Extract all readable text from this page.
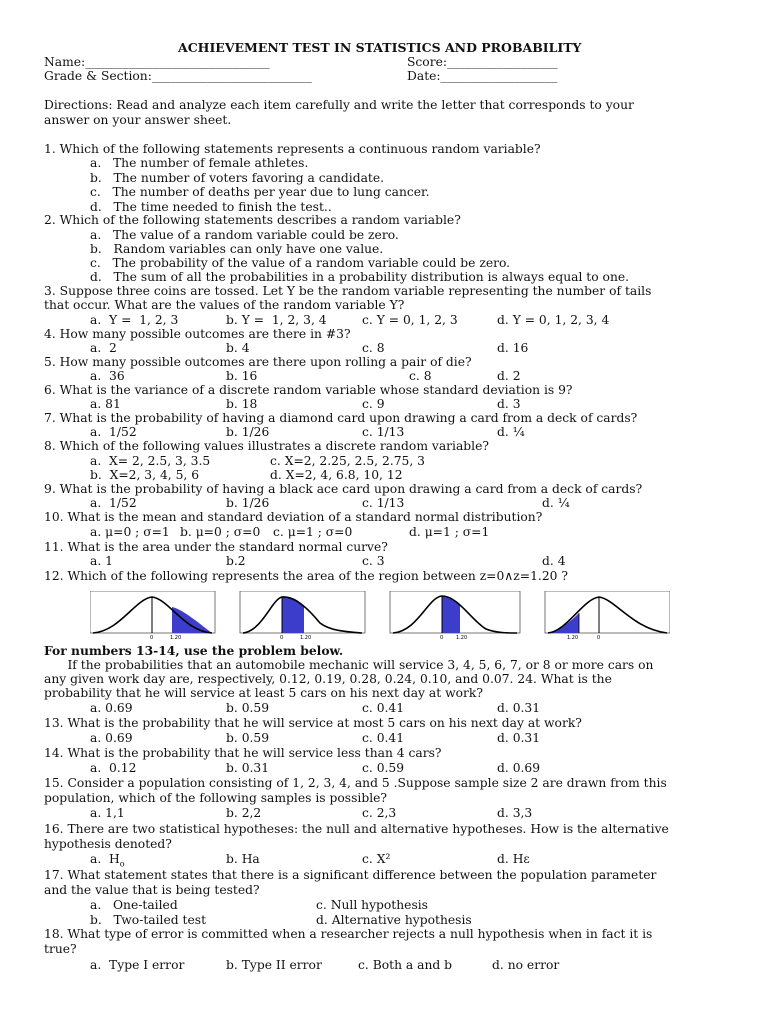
ACHIEVEMENT TEST IN STATISTICS AND PROBABILITY
Name:______________________________	Score:__________________
Grade & Section:__________________________	Date:___________________
Directions: Read and analyze each item carefully and write the letter that corresponds to your
answer on your answer sheet.
1. Which of the following statements represents a continuous random variable?
a.   The number of female athletes.
b.   The number of voters favoring a candidate.
c.   The number of deaths per year due to lung cancer.
d.   The time needed to finish the test..
2. Which of the following statements describes a random variable?
a.   The value of a random variable could be zero.
b.   Random variables can only have one value.
c.   The probability of the value of a random variable could be zero.
d.   The sum of all the probabilities in a probability distribution is always equal to one.
3. Suppose three coins are tossed. Let Y be the random variable representing the number of tails
that occur. What are the values of the random variable Y?
a.  Y =  1, 2, 3	b. Y =  1, 2, 3, 4	c. Y = 0, 1, 2, 3	d. Y = 0, 1, 2, 3, 4
4. How many possible outcomes are there in #3?
a.  2	b. 4	c. 8	d. 16
5. How many possible outcomes are there upon rolling a pair of die?
a.  36	b. 16	c. 8	d. 2
6. What is the variance of a discrete random variable whose standard deviation is 9?
a. 81	b. 18	c. 9	d. 3
7. What is the probability of having a diamond card upon drawing a card from a deck of cards?
a.  1/52	b. 1/26	c. 1/13	d. ¼
8. Which of the following values illustrates a discrete random variable?
a.  X= 2, 2.5, 3, 3.5	c. X=2, 2.25, 2.5, 2.75, 3
b.  X=2, 3, 4, 5, 6	d. X=2, 4, 6.8, 10, 12
9. What is the probability of having a black ace card upon drawing a card from a deck of cards?
a.  1/52	b. 1/26	c. 1/13	d. ¼
10. What is the mean and standard deviation of a standard normal distribution?
a. μ=0 ; σ=1 b. μ=0 ; σ=0 c. μ=1 ; σ=0	d. μ=1 ; σ=1
11. What is the area under the standard normal curve?
a. 1	b.2	c. 3	d. 4
12. Which of the following represents the area of the region between z=0∧z=1.20 ?
0	1.20	0	1.20	0	1.20	1.20	0
For numbers 13-14, use the problem below.
If the probabilities that an automobile mechanic will service 3, 4, 5, 6, 7, or 8 or more cars on
any given work day are, respectively, 0.12, 0.19, 0.28, 0.24, 0.10, and 0.07. 24. What is the
probability that he will service at least 5 cars on his next day at work?
a. 0.69	b. 0.59	c. 0.41	d. 0.31
13. What is the probability that he will service at most 5 cars on his next day at work?
a. 0.69	b. 0.59	c. 0.41	d. 0.31
14. What is the probability that he will service less than 4 cars?
a.  0.12	b. 0.31	c. 0.59	d. 0.69
15. Consider a population consisting of 1, 2, 3, 4, and 5 .Suppose sample size 2 are drawn from this
population, which of the following samples is possible?
a. 1,1	b. 2,2	c. 2,3	d. 3,3
16. There are two statistical hypotheses: the null and alternative hypotheses. How is the alternative
hypothesis denoted?
a.  $H_o$	b. Ha	c. X²	d. Hε
17. What statement states that there is a significant difference between the population parameter
and the value that is being tested?
a.   One-tailed	c. Null hypothesis
b.   Two-tailed test	d. Alternative hypothesis
18. What type of error is committed when a researcher rejects a null hypothesis when in fact it is
true?
a.  Type I error	b. Type II error	c. Both a and b	d. no error
